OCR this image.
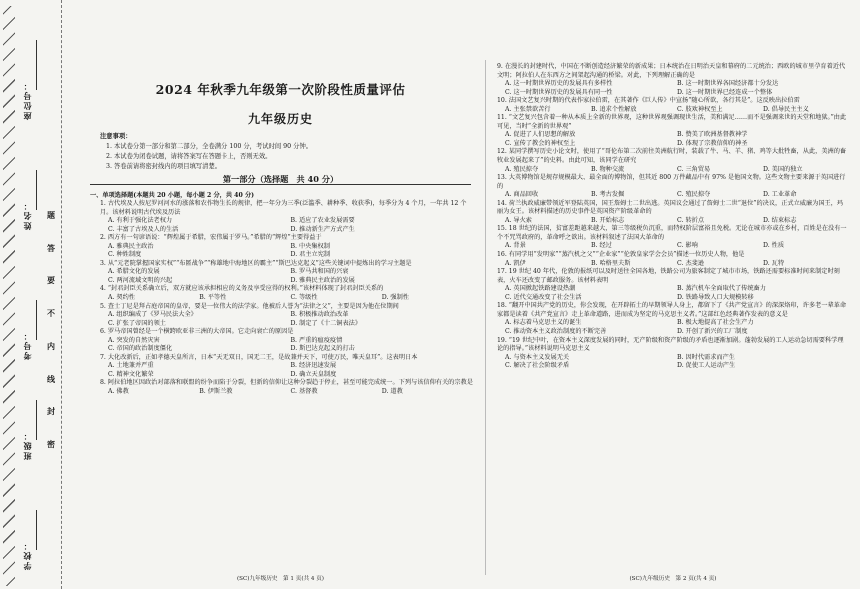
座位号：
姓名：
考号：
班级：
学校：
题
答
要
不
内
线
封
密
2024 年秋季九年级第一次阶段性质量评估
九年级历史
注意事项：
1. 本试卷分第一部分和第二部分，全卷满分 100 分，考试时间 90 分钟。
2. 本试卷为闭卷试题，请将答案写在答题卡上，否则无效。
3. 答卷前请将密封线内的项目填写清楚。
第一部分（选择题　共 40 分）
一、单项选择题(本题共 20 小题，每小题 2 分，共 40 分)
1. 古代埃及人按尼罗河河水的涨落和农作物生长的规律，把一年分为三季(泛滥季、耕种季、收获季)，每季分为 4 个月，一年共 12 个月。该材料说明古代埃及历法
A. 有利于强化法老权力	B. 适应了农业发展需要
C. 丰富了古埃及人的生活	D. 推动新生产方式产生
2. 西方有一句谚语说：“辉煌属于希腊，宏伟属于罗马。”希腊的“辉煌”主要得益于
A. 雅典民主政治	B. 中央集权制
C. 种姓制度	D. 君主立宪制
3. 从“元老院掌握国家实权”“布匿战争”“称雄地中海地区的霸主”“斯巴达克起义”这些关键词中提炼出的学习主题是
A. 希腊文化的发展	B. 罗马共和国的兴衰
C. 两河流域文明的兴起	D. 雅典民主政治的发展
4. “封君封臣关系确立后，双方就应该承担相应的义务及享受应得的权利。”该材料体现了封君封臣关系的
A. 契约性	B. 平等性	C. 等级性	D. 强制性
5. 查士丁尼是拜占庭帝国的皇帝，要是一位伟大的法学家。他被后人誉为“法律之父”，主要是因为他在位期间
A. 组织编成了《罗马民法大全》	B. 积极推动政治改革
C. 扩张了帝国的领土	D. 制定了《十二铜表法》
6. 罗马帝国曾经是一个横跨欧亚非三洲的大帝国。它走向衰亡的原因是
A. 突发的自然灾害	B. 严重的瘟疫疫情
C. 帝国的政治制度僵化	D. 斯巴达克起义的打击
7. 大化改新后，正如孝德天皇所言，日本“天无双日，国无二王，是故兼并天下，可使万民，唯天皇耳”。这表明日本
A. 土地兼并严重	B. 经济迅速发展
C. 精神文化繁荣	D. 确立天皇制度
8. 阿拉伯地区因政治对部落和联盟的纷争而陷于分裂，但新的信仰让这种分裂趋于停止，甚至可能完成统一。下列与该信仰有关的宗教是
A. 佛教	B. 伊斯兰教	C. 基督教	D. 道教
9. 在漫长的封建时代，中国在不断创造经济繁荣的新成果；日本统治在日明治天皇和幕府的二元统治；西欧的城市里孕育着近代文明；阿拉伯人在东西方之间架起沟通的桥梁。对此，下列理解正确的是
A. 这一时期世界历史的发展具有多样性	B. 这一时期世界各国经济都十分发达
C. 这一时期世界历史的发展具有同一性	D. 这一时期世界已经连成一个整体
10. 法国文艺复兴时期的代表作家拉伯雷，在其著作《巨人传》中宣扬“随心所欲，各行其是”。这反映出拉伯雷
A. 主张禁欲苦行	B. 追求个性解放	C. 肢欢神权至上	D. 倡导民主主义
11. “文艺复兴包含着一种从本质上全新的世界观，这种世界观强调现世生活，美和满足……而不是强调来世的天堂和地狱。”由此可见，当时“全新的世界观”
A. 促进了人们思想的解放	B. 赞美了欧洲基督教神学
C. 宣传了教会的神权至上	D. 体现了宗教信仰的神圣
12. 某同学撰写历史小论文时，使用了“哥伦布第二次前往美洲航行时，装载了牛、马、羊、猪、鸡等大批牲畜，从此，美洲的畜牧业发展起来了”的史料。由此可知，该同学在研究
A. 殖民掠夺	B. 物种交流	C. 三角贸易	D. 美国的独立
13. 大英博物馆是规存规模最大、最全面的博物馆，但其近 800 万件藏品中有 97% 是他国文物。这些文物主要来源于英国进行的
A. 商品回收	B. 考古发掘	C. 殖民掠夺	D. 工业革命
14. 荷兰执政威廉带领近军登陆英国，国王詹姆士二世出逃。英国议会通过了詹姆士二世“退位”的决议，正式立威廉为国王，玛丽为女王。该材料描述的历史事件是英国资产阶级革命的
A. 导火索	B. 开始标志	C. 转折点	D. 结束标志
15. 18 世纪的法国，贫富差距越来越大，第三等级税负沉重，而特权阶层富裕且免税。无论在城市亦或在乡村，百姓是在没有一个不咒骂政府的，革命呼之欲出。该材料叙述了法国大革命的
A. 背景	B. 经过	C. 影响	D. 性质
16. 有同学用“发明家”“蒸汽机之父”“企业家”“伦敦皇家学会会员”描述一位历史人物，他是
A. 凯伊	B. 哈格里夫斯	C. 杰斐逊	D. 瓦特
17. 19 世纪 40 年代，伦敦的报纸可以及时送往全国各地，铁路公司为旅客制定了城市市场，铁路还需要标准时间来制定时刻表，火车还改变了邮政服务。该材料表明
A. 英国掀起铁路建设热潮	B. 蒸汽机车全面取代了传统畜力
C. 近代交通改变了社会生活	D. 铁路导致人口大规模转移
18. “翻开中国共产党的历史，你会发现，在开辟拓土的早期领导人身上，都留下了《共产党宣言》的深深烙印，许多老一辈革命家都是读着《共产党宣言》走上革命道路，进而成为坚定的马克思主义者。”这部红色经典著作发表的意义是
A. 标志着马克思主义的诞生	B. 极大地提高了社会生产力
C. 推动资本主义政治制度的不断完善	D. 开创了新兴的工厂制度
19. “19 世纪中叶，在资本主义深度发展的同时，无产阶级和资产阶级的矛盾也逐渐加剧。蓬勃发展的工人运动急切需要科学理论的指导。”该材料说明马克思主义
A. 与资本主义发展无关	B. 因时代需求而产生
C. 解决了社会阶级矛盾	D. 促使工人运动产生
(SC)九年级历史　第 1 页(共 4 页)	(SC)九年级历史　第 2 页(共 4 页)
